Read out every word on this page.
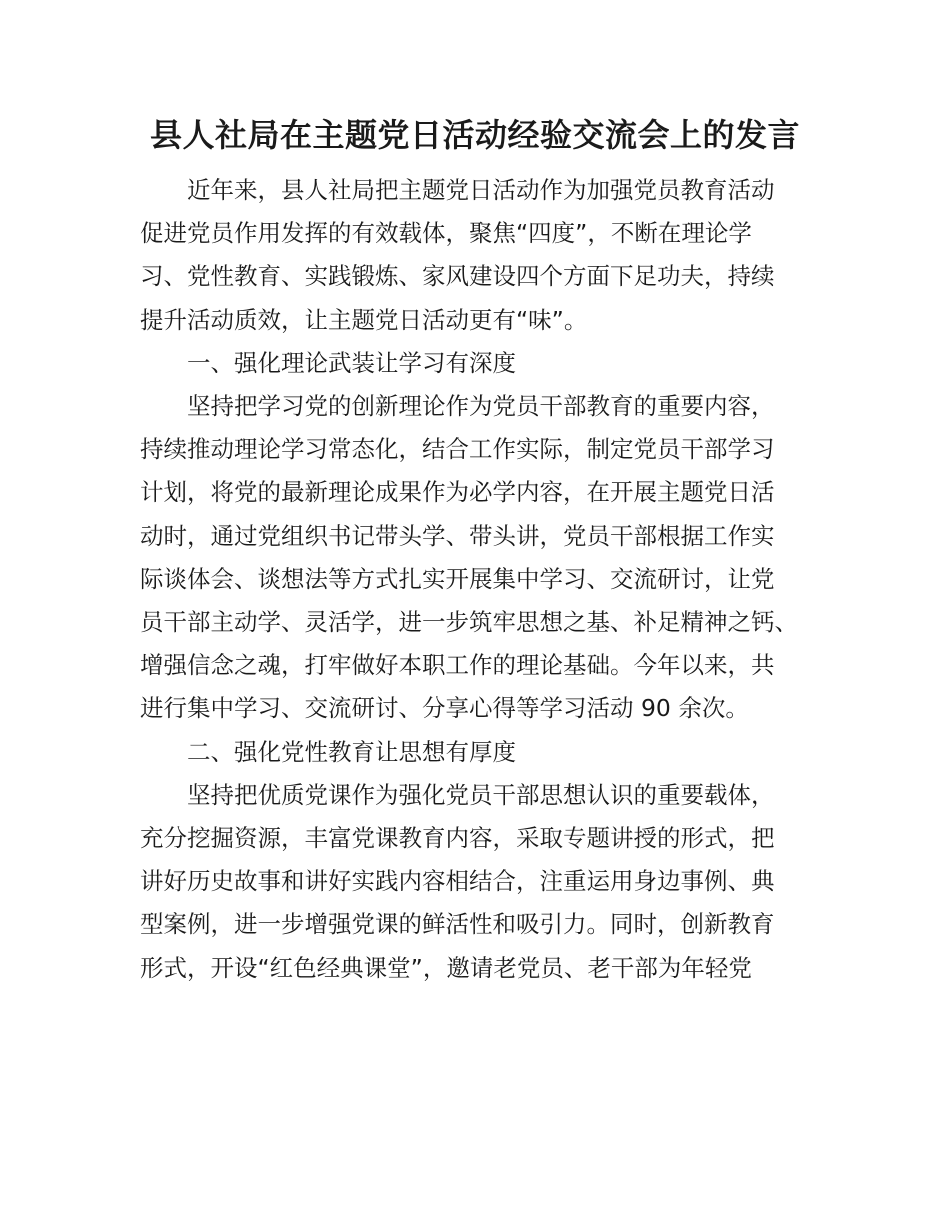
县人社局在主题党日活动经验交流会上的发言

近年来，县人社局把主题党日活动作为加强党员教育活动
促进党员作用发挥的有效载体，聚焦“四度”，不断在理论学
习、党性教育、实践锻炼、家风建设四个方面下足功夫，持续
提升活动质效，让主题党日活动更有“味”。

一、强化理论武装让学习有深度

坚持把学习党的创新理论作为党员干部教育的重要内容，
持续推动理论学习常态化，结合工作实际，制定党员干部学习
计划，将党的最新理论成果作为必学内容，在开展主题党日活
动时，通过党组织书记带头学、带头讲，党员干部根据工作实
际谈体会、谈想法等方式扎实开展集中学习、交流研讨，让党
员干部主动学、灵活学，进一步筑牢思想之基、补足精神之钙、
增强信念之魂，打牢做好本职工作的理论基础。今年以来，共
进行集中学习、交流研讨、分享心得等学习活动 90 余次。

二、强化党性教育让思想有厚度

坚持把优质党课作为强化党员干部思想认识的重要载体，
充分挖掘资源，丰富党课教育内容，采取专题讲授的形式，把
讲好历史故事和讲好实践内容相结合，注重运用身边事例、典
型案例，进一步增强党课的鲜活性和吸引力。同时，创新教育
形式，开设“红色经典课堂”，邀请老党员、老干部为年轻党
